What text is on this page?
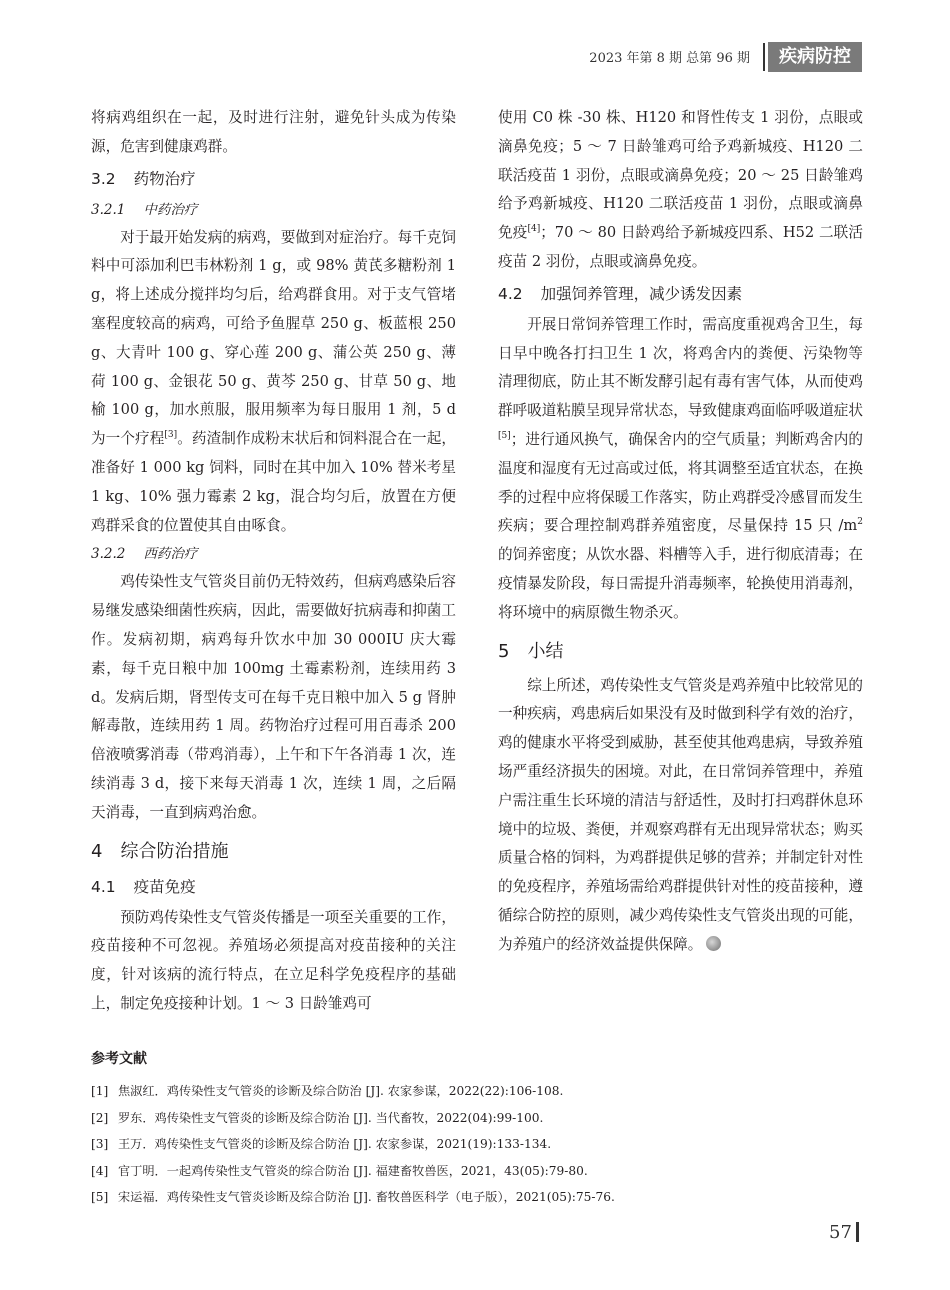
2023 年第 8 期 总第 96 期	疾病防控

将病鸡组织在一起，及时进行注射，避免针头成为传染源，危害到健康鸡群。

3.2 药物治疗

3.2.1 中药治疗

对于最开始发病的病鸡，要做到对症治疗。每千克饲料中可添加利巴韦林粉剂 1 g，或 98% 黄芪多糖粉剂 1 g，将上述成分搅拌均匀后，给鸡群食用。对于支气管堵塞程度较高的病鸡，可给予鱼腥草 250 g、板蓝根 250 g、大青叶 100 g、穿心莲 200 g、蒲公英 250 g、薄荷 100 g、金银花 50 g、黄芩 250 g、甘草 50 g、地榆 100 g，加水煎服，服用频率为每日服用 1 剂，5 d 为一个疗程[3]。药渣制作成粉末状后和饲料混合在一起，准备好 1 000 kg 饲料，同时在其中加入 10% 替米考星 1 kg、10% 强力霉素 2 kg，混合均匀后，放置在方便鸡群采食的位置使其自由啄食。

3.2.2 西药治疗

鸡传染性支气管炎目前仍无特效药，但病鸡感染后容易继发感染细菌性疾病，因此，需要做好抗病毒和抑菌工作。发病初期，病鸡每升饮水中加 30 000IU 庆大霉素，每千克日粮中加 100mg 土霉素粉剂，连续用药 3 d。发病后期，肾型传支可在每千克日粮中加入 5 g 肾肿解毒散，连续用药 1 周。药物治疗过程可用百毒杀 200 倍液喷雾消毒（带鸡消毒），上午和下午各消毒 1 次，连续消毒 3 d，接下来每天消毒 1 次，连续 1 周，之后隔天消毒，一直到病鸡治愈。

4 综合防治措施

4.1 疫苗免疫

预防鸡传染性支气管炎传播是一项至关重要的工作，疫苗接种不可忽视。养殖场必须提高对疫苗接种的关注度，针对该病的流行特点，在立足科学免疫程序的基础上，制定免疫接种计划。1 ～ 3 日龄雏鸡可

使用 C0 株 -30 株、H120 和肾性传支 1 羽份，点眼或滴鼻免疫；5 ～ 7 日龄雏鸡可给予鸡新城疫、H120 二联活疫苗 1 羽份，点眼或滴鼻免疫；20 ～ 25 日龄雏鸡给予鸡新城疫、H120 二联活疫苗 1 羽份，点眼或滴鼻免疫[4]；70 ～ 80 日龄鸡给予新城疫四系、H52 二联活疫苗 2 羽份，点眼或滴鼻免疫。

4.2 加强饲养管理，减少诱发因素

开展日常饲养管理工作时，需高度重视鸡舍卫生，每日早中晚各打扫卫生 1 次，将鸡舍内的粪便、污染物等清理彻底，防止其不断发酵引起有毒有害气体，从而使鸡群呼吸道粘膜呈现异常状态，导致健康鸡面临呼吸道症状[5]；进行通风换气，确保舍内的空气质量；判断鸡舍内的温度和湿度有无过高或过低，将其调整至适宜状态，在换季的过程中应将保暖工作落实，防止鸡群受冷感冒而发生疾病；要合理控制鸡群养殖密度，尽量保持 15 只 $/m^2$ 的饲养密度；从饮水器、料槽等入手，进行彻底清毒；在疫情暴发阶段，每日需提升消毒频率，轮换使用消毒剂，将环境中的病原微生物杀灭。

5 小结

综上所述，鸡传染性支气管炎是鸡养殖中比较常见的一种疾病，鸡患病后如果没有及时做到科学有效的治疗，鸡的健康水平将受到威胁，甚至使其他鸡患病，导致养殖场严重经济损失的困境。对此，在日常饲养管理中，养殖户需注重生长环境的清洁与舒适性，及时打扫鸡群休息环境中的垃圾、粪便，并观察鸡群有无出现异常状态；购买质量合格的饲料，为鸡群提供足够的营养；并制定针对性的免疫程序，养殖场需给鸡群提供针对性的疫苗接种，遵循综合防控的原则，减少鸡传染性支气管炎出现的可能，为养殖户的经济效益提供保障。

参考文献
[1] 焦淑红．鸡传染性支气管炎的诊断及综合防治 [J]. 农家参谋，2022(22):106-108.
[2] 罗东．鸡传染性支气管炎的诊断及综合防治 [J]. 当代畜牧，2022(04):99-100.
[3] 王万．鸡传染性支气管炎的诊断及综合防治 [J]. 农家参谋，2021(19):133-134.
[4] 官丁明．一起鸡传染性支气管炎的综合防治 [J]. 福建畜牧兽医，2021，43(05):79-80.
[5] 宋运福．鸡传染性支气管炎诊断及综合防治 [J]. 畜牧兽医科学（电子版），2021(05):75-76.
57
